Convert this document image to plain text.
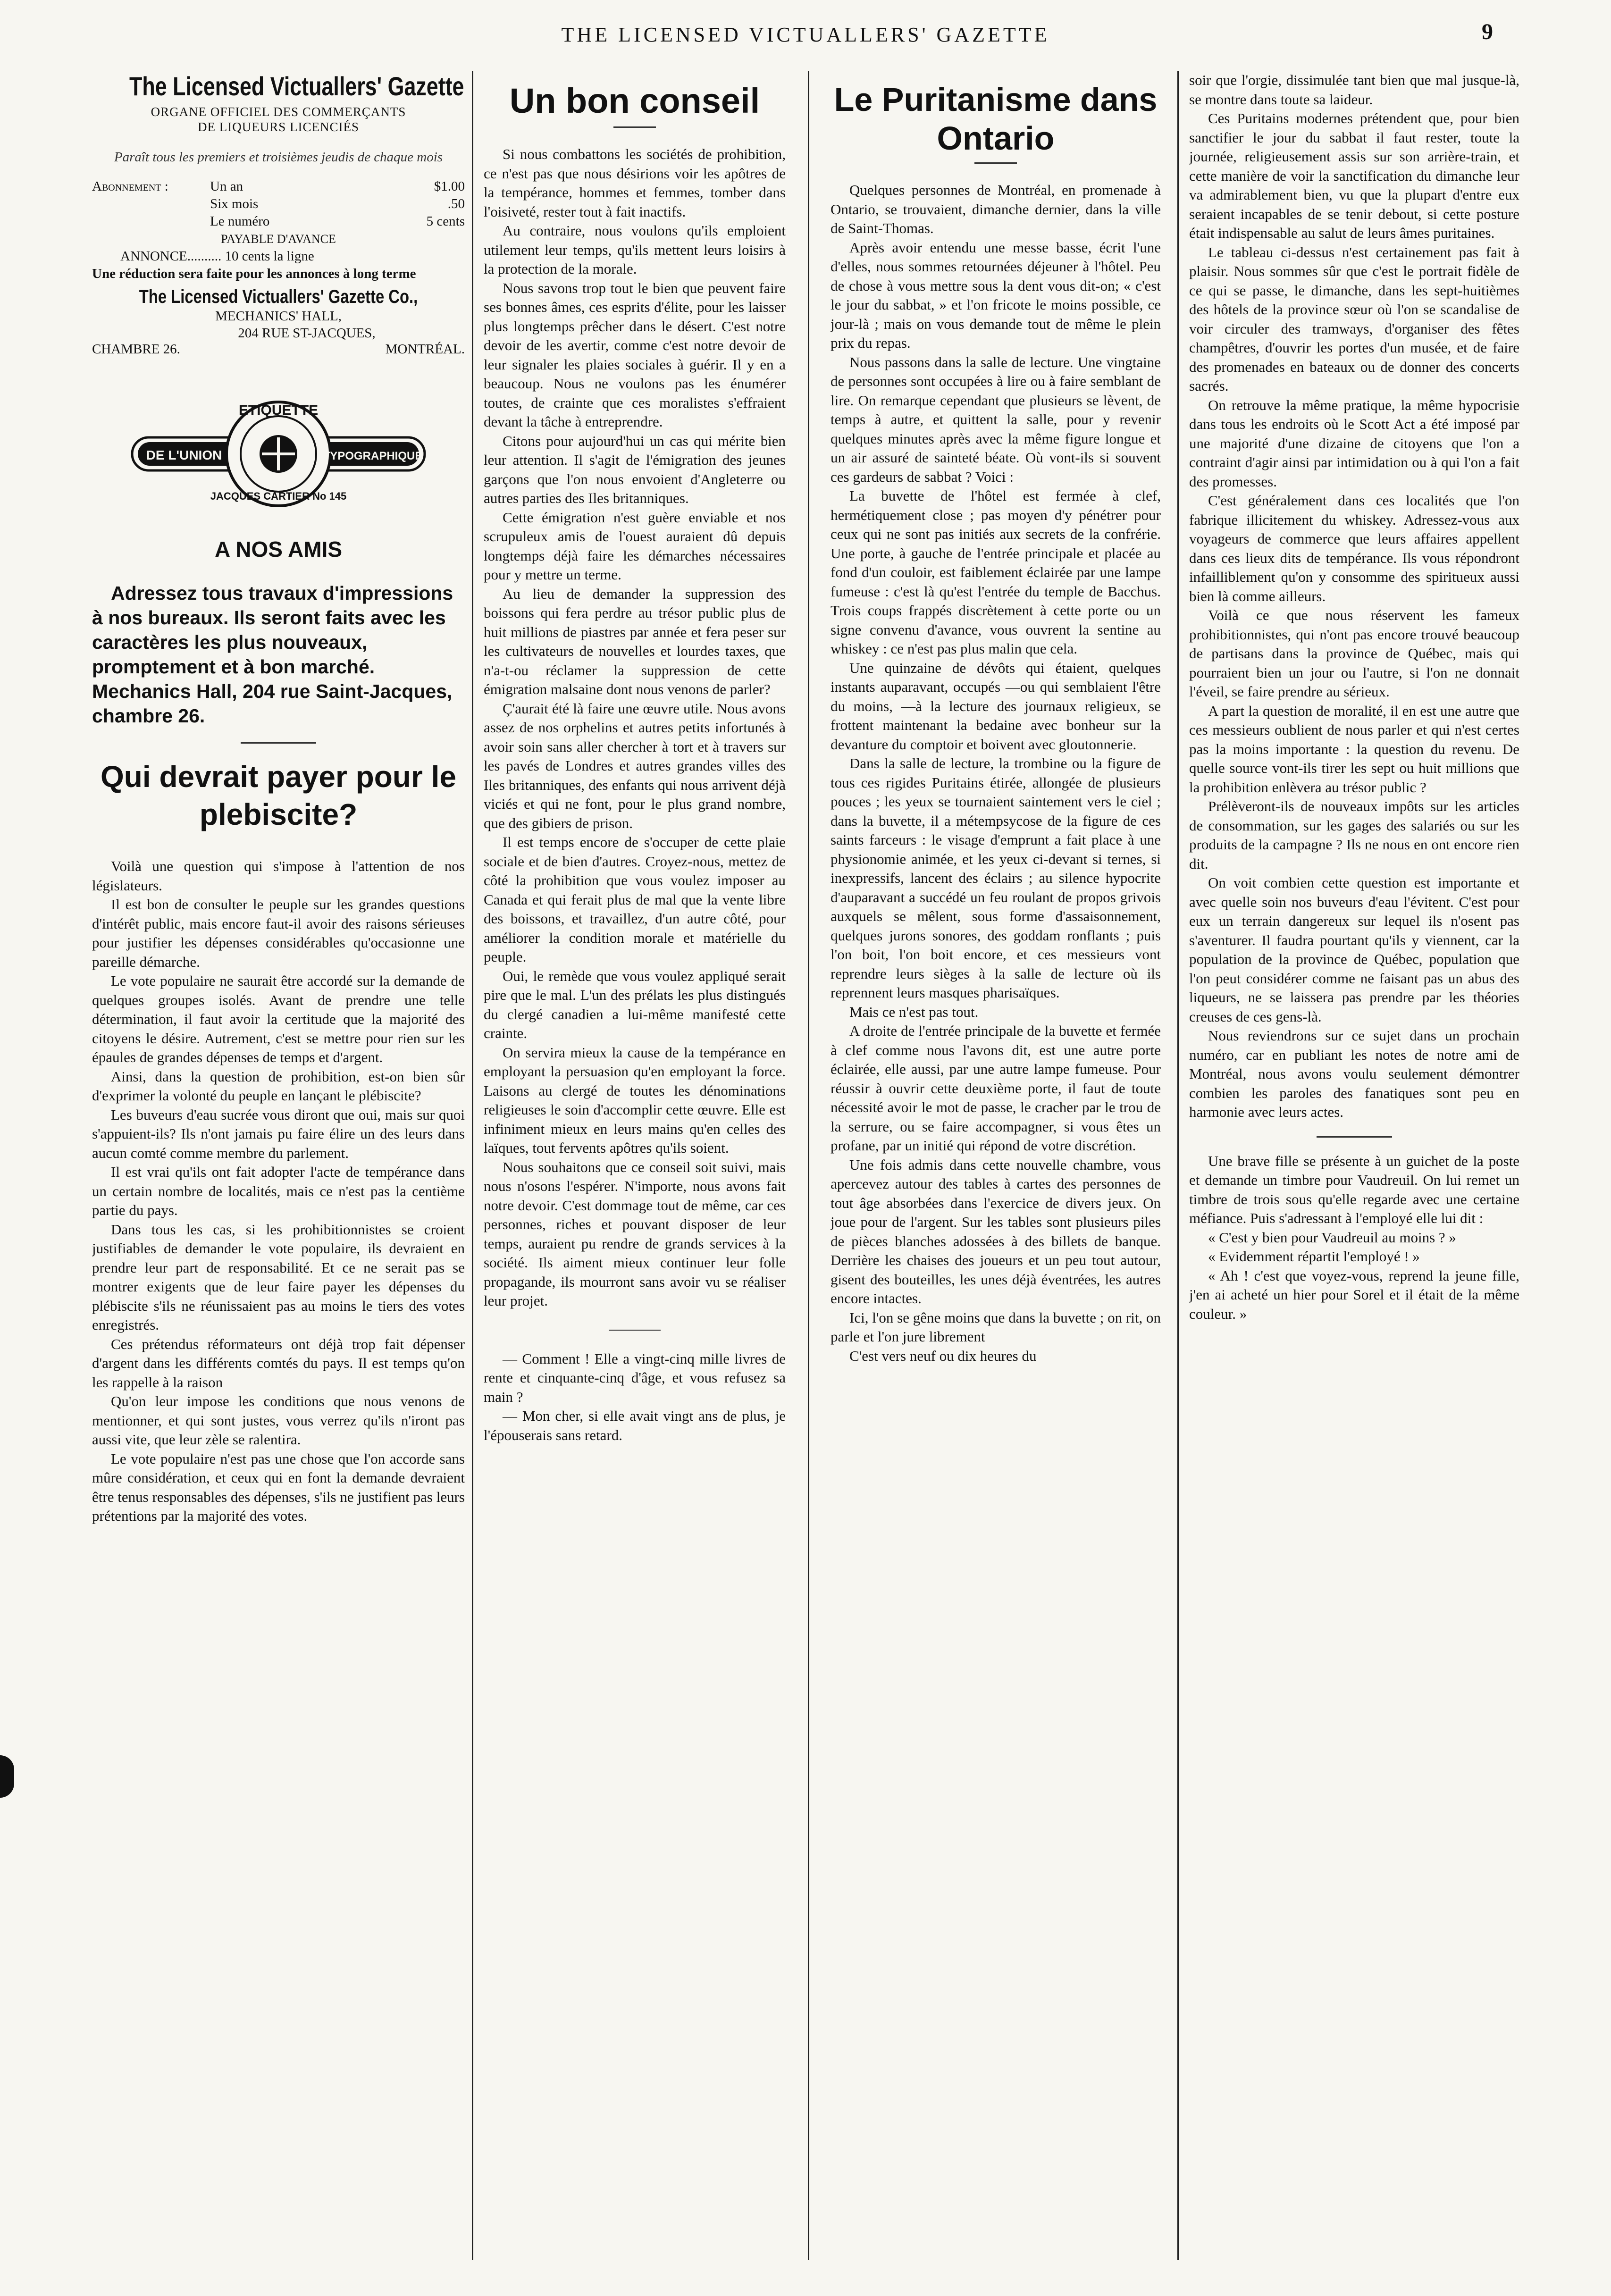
THE LICENSED VICTUALLERS' GAZETTE	9
The Licensed Victuallers' Gazette
ORGANE OFFICIEL DES COMMERÇANTS
DE LIQUEURS LICENCIÉS
Paraît tous les premiers et troisièmes jeudis de chaque mois
Abonnement :	Un an	$1.00
Six mois	.50
Le numéro	5 cents
PAYABLE D'AVANCE
ANNONCE.......... 10 cents la ligne
Une réduction sera faite pour les annonces à long terme
The Licensed Victuallers' Gazette Co.,
MECHANICS' HALL,
204 RUE ST-JACQUES,
CHAMBRE 26.	MONTRÉAL.
ETIQUETTE
DE L'UNION	TYPOGRAPHIQUE
JACQUES CARTIER No 145
A NOS AMIS
Adressez tous travaux d'impressions à nos bureaux. Ils seront faits avec les caractères les plus nouveaux, promptement et à bon marché. Mechanics Hall, 204 rue Saint-Jacques, chambre 26.
Qui devrait payer pour le plebiscite?

Voilà une question qui s'impose à l'attention de nos législateurs.

Il est bon de consulter le peuple sur les grandes questions d'intérêt public, mais encore faut-il avoir des raisons sérieuses pour justifier les dépenses considérables qu'occasionne une pareille démarche.

Le vote populaire ne saurait être accordé sur la demande de quelques groupes isolés. Avant de prendre une telle détermination, il faut avoir la certitude que la majorité des citoyens le désire. Autrement, c'est se mettre pour rien sur les épaules de grandes dépenses de temps et d'argent.

Ainsi, dans la question de prohibition, est-on bien sûr d'exprimer la volonté du peuple en lançant le plébiscite?

Les buveurs d'eau sucrée vous diront que oui, mais sur quoi s'appuient-ils? Ils n'ont jamais pu faire élire un des leurs dans aucun comté comme membre du parlement.

Il est vrai qu'ils ont fait adopter l'acte de tempérance dans un certain nombre de localités, mais ce n'est pas la centième partie du pays.

Dans tous les cas, si les prohibitionnistes se croient justifiables de demander le vote populaire, ils devraient en prendre leur part de responsabilité. Et ce ne serait pas se montrer exigents que de leur faire payer les dépenses du plébiscite s'ils ne réunissaient pas au moins le tiers des votes enregistrés.

Ces prétendus réformateurs ont déjà trop fait dépenser d'argent dans les différents comtés du pays. Il est temps qu'on les rappelle à la raison

Qu'on leur impose les conditions que nous venons de mentionner, et qui sont justes, vous verrez qu'ils n'iront pas aussi vite, que leur zèle se ralentira.

Le vote populaire n'est pas une chose que l'on accorde sans mûre considération, et ceux qui en font la demande devraient être tenus responsables des dépenses, s'ils ne justifient pas leurs prétentions par la majorité des votes.

Un bon conseil

Si nous combattons les sociétés de prohibition, ce n'est pas que nous désirions voir les apôtres de la tempérance, hommes et femmes, tomber dans l'oisiveté, rester tout à fait inactifs.

Au contraire, nous voulons qu'ils emploient utilement leur temps, qu'ils mettent leurs loisirs à la protection de la morale.

Nous savons trop tout le bien que peuvent faire ses bonnes âmes, ces esprits d'élite, pour les laisser plus longtemps prêcher dans le désert. C'est notre devoir de les avertir, comme c'est notre devoir de leur signaler les plaies sociales à guérir. Il y en a beaucoup. Nous ne voulons pas les énumérer toutes, de crainte que ces moralistes s'effraient devant la tâche à entreprendre.

Citons pour aujourd'hui un cas qui mérite bien leur attention. Il s'agit de l'émigration des jeunes garçons que l'on nous envoient d'Angleterre ou autres parties des Iles britanniques.

Cette émigration n'est guère enviable et nos scrupuleux amis de l'ouest auraient dû depuis longtemps déjà faire les démarches nécessaires pour y mettre un terme.

Au lieu de demander la suppression des boissons qui fera perdre au trésor public plus de huit millions de piastres par année et fera peser sur les cultivateurs de nouvelles et lourdes taxes, que n'a-t-ou réclamer la suppression de cette émigration malsaine dont nous venons de parler?

Ç'aurait été là faire une œuvre utile. Nous avons assez de nos orphelins et autres petits infortunés à avoir soin sans aller chercher à tort et à travers sur les pavés de Londres et autres grandes villes des Iles britanniques, des enfants qui nous arrivent déjà viciés et qui ne font, pour le plus grand nombre, que des gibiers de prison.

Il est temps encore de s'occuper de cette plaie sociale et de bien d'autres. Croyez-nous, mettez de côté la prohibition que vous voulez imposer au Canada et qui ferait plus de mal que la vente libre des boissons, et travaillez, d'un autre côté, pour améliorer la condition morale et matérielle du peuple.

Oui, le remède que vous voulez appliqué serait pire que le mal. L'un des prélats les plus distingués du clergé canadien a lui-même manifesté cette crainte.

On servira mieux la cause de la tempérance en employant la persuasion qu'en employant la force. Laisons au clergé de toutes les dénominations religieuses le soin d'accomplir cette œuvre. Elle est infiniment mieux en leurs mains qu'en celles des laïques, tout fervents apôtres qu'ils soient.

Nous souhaitons que ce conseil soit suivi, mais nous n'osons l'espérer. N'importe, nous avons fait notre devoir. C'est dommage tout de même, car ces personnes, riches et pouvant disposer de leur temps, auraient pu rendre de grands services à la société. Ils aiment mieux continuer leur folle propagande, ils mourront sans avoir vu se réaliser leur projet.

— Comment ! Elle a vingt-cinq mille livres de rente et cinquante-cinq d'âge, et vous refusez sa main ?

— Mon cher, si elle avait vingt ans de plus, je l'épouserais sans retard.

Le Puritanisme dans Ontario

Quelques personnes de Montréal, en promenade à Ontario, se trouvaient, dimanche dernier, dans la ville de Saint-Thomas.

Après avoir entendu une messe basse, écrit l'une d'elles, nous sommes retournées déjeuner à l'hôtel. Peu de chose à vous mettre sous la dent vous dit-on; « c'est le jour du sabbat, » et l'on fricote le moins possible, ce jour-là ; mais on vous demande tout de même le plein prix du repas.

Nous passons dans la salle de lecture. Une vingtaine de personnes sont occupées à lire ou à faire semblant de lire. On remarque cependant que plusieurs se lèvent, de temps à autre, et quittent la salle, pour y revenir quelques minutes après avec la même figure longue et un air assuré de sainteté béate. Où vont-ils si souvent ces gardeurs de sabbat ? Voici :

La buvette de l'hôtel est fermée à clef, hermétiquement close ; pas moyen d'y pénétrer pour ceux qui ne sont pas initiés aux secrets de la confrérie. Une porte, à gauche de l'entrée principale et placée au fond d'un couloir, est faiblement éclairée par une lampe fumeuse : c'est là qu'est l'entrée du temple de Bacchus. Trois coups frappés discrètement à cette porte ou un signe convenu d'avance, vous ouvrent la sentine au whiskey : ce n'est pas plus malin que cela.

Une quinzaine de dévôts qui étaient, quelques instants auparavant, occupés —ou qui semblaient l'être du moins, —à la lecture des journaux religieux, se frottent maintenant la bedaine avec bonheur sur la devanture du comptoir et boivent avec gloutonnerie.

Dans la salle de lecture, la trombine ou la figure de tous ces rigides Puritains étirée, allongée de plusieurs pouces ; les yeux se tournaient saintement vers le ciel ; dans la buvette, il a métempsycose de la figure de ces saints farceurs : le visage d'emprunt a fait place à une physionomie animée, et les yeux ci-devant si ternes, si inexpressifs, lancent des éclairs ; au silence hypocrite d'auparavant a succédé un feu roulant de propos grivois auxquels se mêlent, sous forme d'assaisonnement, quelques jurons sonores, des goddam ronflants ; puis l'on boit, l'on boit encore, et ces messieurs vont reprendre leurs sièges à la salle de lecture où ils reprennent leurs masques pharisaïques.

Mais ce n'est pas tout.

A droite de l'entrée principale de la buvette et fermée à clef comme nous l'avons dit, est une autre porte éclairée, elle aussi, par une autre lampe fumeuse. Pour réussir à ouvrir cette deuxième porte, il faut de toute nécessité avoir le mot de passe, le cracher par le trou de la serrure, ou se faire accompagner, si vous êtes un profane, par un initié qui répond de votre discrétion.

Une fois admis dans cette nouvelle chambre, vous apercevez autour des tables à cartes des personnes de tout âge absorbées dans l'exercice de divers jeux. On joue pour de l'argent. Sur les tables sont plusieurs piles de pièces blanches adossées à des billets de banque. Derrière les chaises des joueurs et un peu tout autour, gisent des bouteilles, les unes déjà éventrées, les autres encore intactes.

Ici, l'on se gêne moins que dans la buvette ; on rit, on parle et l'on jure librement

C'est vers neuf ou dix heures du

soir que l'orgie, dissimulée tant bien que mal jusque-là, se montre dans toute sa laideur.

Ces Puritains modernes prétendent que, pour bien sanctifier le jour du sabbat il faut rester, toute la journée, religieusement assis sur son arrière-train, et cette manière de voir la sanctification du dimanche leur va admirablement bien, vu que la plupart d'entre eux seraient incapables de se tenir debout, si cette posture était indispensable au salut de leurs âmes puritaines.

Le tableau ci-dessus n'est certainement pas fait à plaisir. Nous sommes sûr que c'est le portrait fidèle de ce qui se passe, le dimanche, dans les sept-huitièmes des hôtels de la province sœur où l'on se scandalise de voir circuler des tramways, d'organiser des fêtes champêtres, d'ouvrir les portes d'un musée, et de faire des promenades en bateaux ou de donner des concerts sacrés.

On retrouve la même pratique, la même hypocrisie dans tous les endroits où le Scott Act a été imposé par une majorité d'une dizaine de citoyens que l'on a contraint d'agir ainsi par intimidation ou à qui l'on a fait des promesses.

C'est généralement dans ces localités que l'on fabrique illicitement du whiskey. Adressez-vous aux voyageurs de commerce que leurs affaires appellent dans ces lieux dits de tempérance. Ils vous répondront infailliblement qu'on y consomme des spiritueux aussi bien là comme ailleurs.

Voilà ce que nous réservent les fameux prohibitionnistes, qui n'ont pas encore trouvé beaucoup de partisans dans la province de Québec, mais qui pourraient bien un jour ou l'autre, si l'on ne donnait l'éveil, se faire prendre au sérieux.

A part la question de moralité, il en est une autre que ces messieurs oublient de nous parler et qui n'est certes pas la moins importante : la question du revenu. De quelle source vont-ils tirer les sept ou huit millions que la prohibition enlèvera au trésor public ?

Prélèveront-ils de nouveaux impôts sur les articles de consommation, sur les gages des salariés ou sur les produits de la campagne ? Ils ne nous en ont encore rien dit.

On voit combien cette question est importante et avec quelle soin nos buveurs d'eau l'évitent. C'est pour eux un terrain dangereux sur lequel ils n'osent pas s'aventurer. Il faudra pourtant qu'ils y viennent, car la population de la province de Québec, population que l'on peut considérer comme ne faisant pas un abus des liqueurs, ne se laissera pas prendre par les théories creuses de ces gens-là.

Nous reviendrons sur ce sujet dans un prochain numéro, car en publiant les notes de notre ami de Montréal, nous avons voulu seulement démontrer combien les paroles des fanatiques sont peu en harmonie avec leurs actes.

Une brave fille se présente à un guichet de la poste et demande un timbre pour Vaudreuil. On lui remet un timbre de trois sous qu'elle regarde avec une certaine méfiance. Puis s'adressant à l'employé elle lui dit :

« C'est y bien pour Vaudreuil au moins ? »

« Evidemment répartit l'employé ! »

« Ah ! c'est que voyez-vous, reprend la jeune fille, j'en ai acheté un hier pour Sorel et il était de la même couleur. »
